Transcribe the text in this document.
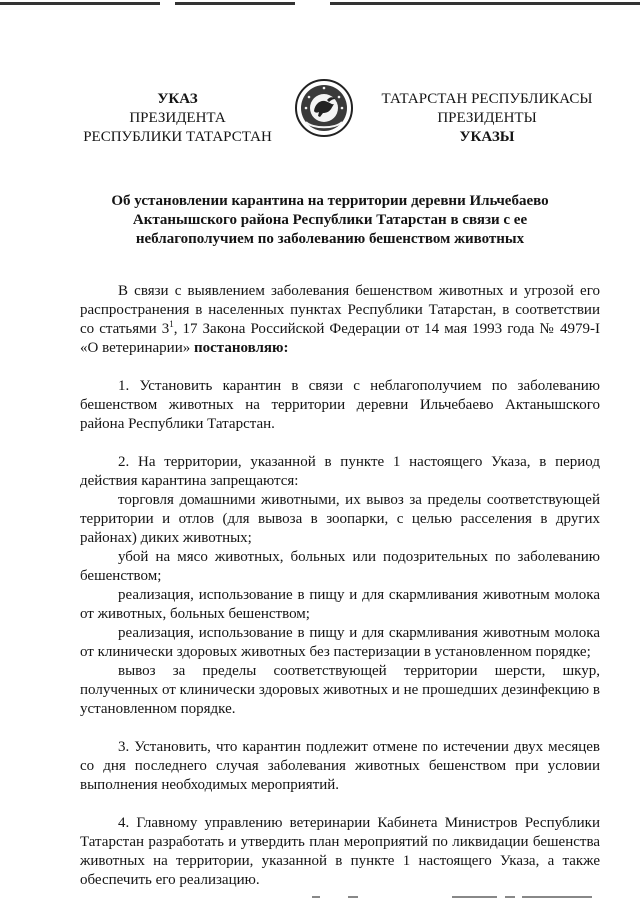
УКАЗ
ПРЕЗИДЕНТА
РЕСПУБЛИКИ ТАТАРСТАН
ТАТАРСТАН РЕСПУБЛИКАСЫ
ПРЕЗИДЕНТЫ
УКАЗЫ
Об установлении карантина на территории деревни Ильчебаево
Актанышского района Республики Татарстан в связи с ее
неблагополучием по заболеванию бешенством животных

В связи с выявлением заболевания бешенством животных и угрозой его распространения в населенных пунктах Республики Татарстан, в соответствии со статьями $3^1$, 17 Закона Российской Федерации от 14 мая 1993 года № 4979-I «О ветеринарии» постановляю:

1. Установить карантин в связи с неблагополучием по заболеванию бешенством животных на территории деревни Ильчебаево Актанышского района Республики Татарстан.

2. На территории, указанной в пункте 1 настоящего Указа, в период действия карантина запрещаются:

торговля домашними животными, их вывоз за пределы соответствующей территории и отлов (для вывоза в зоопарки, с целью расселения в других районах) диких животных;

убой на мясо животных, больных или подозрительных по заболеванию бешенством;

реализация, использование в пищу и для скармливания животным молока от животных, больных бешенством;

реализация, использование в пищу и для скармливания животным молока от клинически здоровых животных без пастеризации в установленном порядке;

вывоз за пределы соответствующей территории шерсти, шкур, полученных от клинически здоровых животных и не прошедших дезинфекцию в установленном порядке.

3. Установить, что карантин подлежит отмене по истечении двух месяцев со дня последнего случая заболевания животных бешенством при условии выполнения необходимых мероприятий.

4. Главному управлению ветеринарии Кабинета Министров Республики Татарстан разработать и утвердить план мероприятий по ликвидации бешенства животных на территории, указанной в пункте 1 настоящего Указа, а также обеспечить его реализацию.
